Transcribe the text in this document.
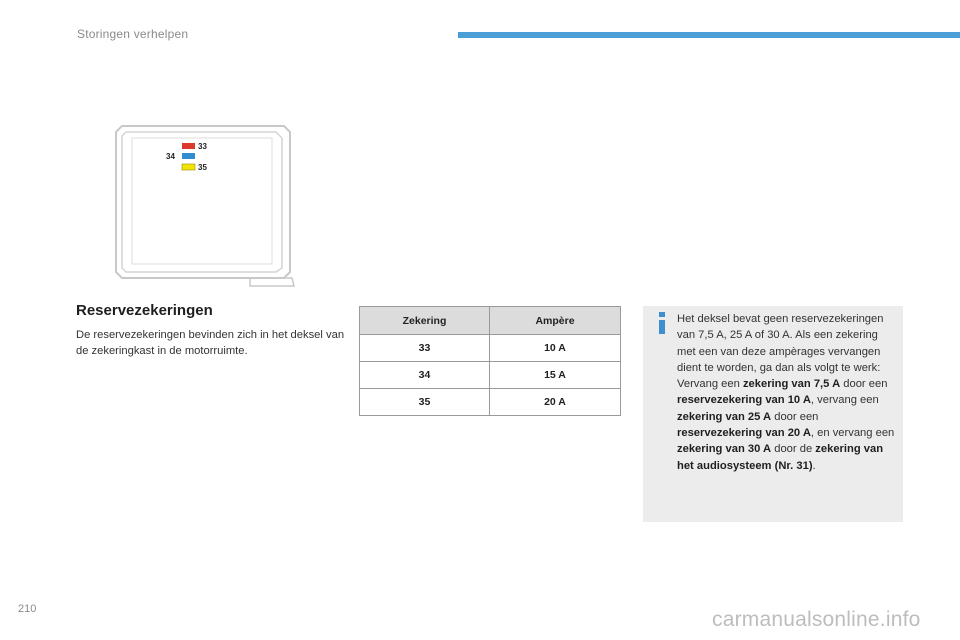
Storingen verhelpen
33
34
35
Reservezekeringen
De reservezekeringen bevinden zich in het deksel van de zekeringkast in de motorruimte.
Zekering	Ampère
33	10 A
34	15 A
35	20 A
Het deksel bevat geen reservezekeringen van 7,5 A, 25 A of 30 A. Als een zekering met een van deze ampèrages vervangen dient te worden, ga dan als volgt te werk:
Vervang een zekering van 7,5 A door een reservezekering van 10 A, vervang een zekering van 25 A door een reservezekering van 20 A, en vervang een zekering van 30 A door de zekering van het audiosysteem (Nr. 31).
210	carmanualsonline.info
